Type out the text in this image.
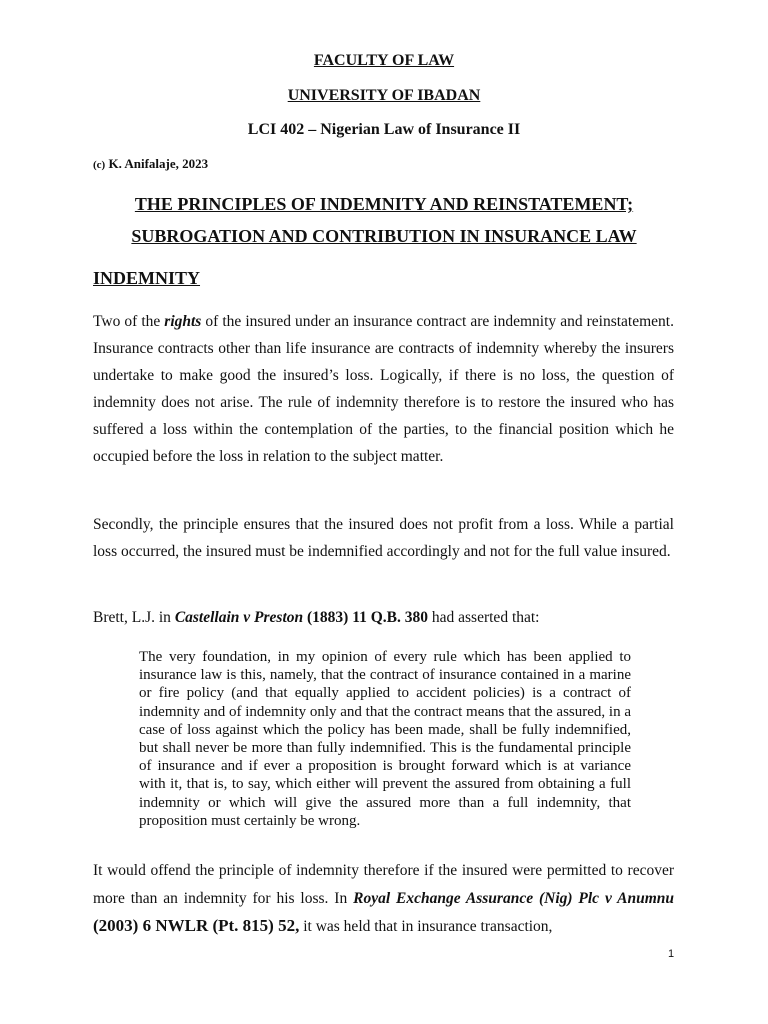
FACULTY OF LAW
UNIVERSITY OF IBADAN
LCI 402 – Nigerian Law of Insurance II
(c) K. Anifalaje, 2023
THE PRINCIPLES OF INDEMNITY AND REINSTATEMENT;
SUBROGATION AND CONTRIBUTION IN INSURANCE LAW
INDEMNITY

Two of the rights of the insured under an insurance contract are indemnity and reinstatement. Insurance contracts other than life insurance are contracts of indemnity whereby the insurers undertake to make good the insured’s loss. Logically, if there is no loss, the question of indemnity does not arise. The rule of indemnity therefore is to restore the insured who has suffered a loss within the contemplation of the parties, to the financial position which he occupied before the loss in relation to the subject matter.

Secondly, the principle ensures that the insured does not profit from a loss. While a partial loss occurred, the insured must be indemnified accordingly and not for the full value insured.

Brett, L.J. in Castellain v Preston (1883) 11 Q.B. 380 had asserted that:

The very foundation, in my opinion of every rule which has been applied to insurance law is this, namely, that the contract of insurance contained in a marine or fire policy (and that equally applied to accident policies) is a contract of indemnity and of indemnity only and that the contract means that the assured, in a case of loss against which the policy has been made, shall be fully indemnified, but shall never be more than fully indemnified. This is the fundamental principle of insurance and if ever a proposition is brought forward which is at variance with it, that is, to say, which either will prevent the assured from obtaining a full indemnity or which will give the assured more than a full indemnity, that proposition must certainly be wrong.

It would offend the principle of indemnity therefore if the insured were permitted to recover more than an indemnity for his loss. In Royal Exchange Assurance (Nig) Plc v Anumnu (2003) 6 NWLR (Pt. 815) 52, it was held that in insurance transaction,

1
